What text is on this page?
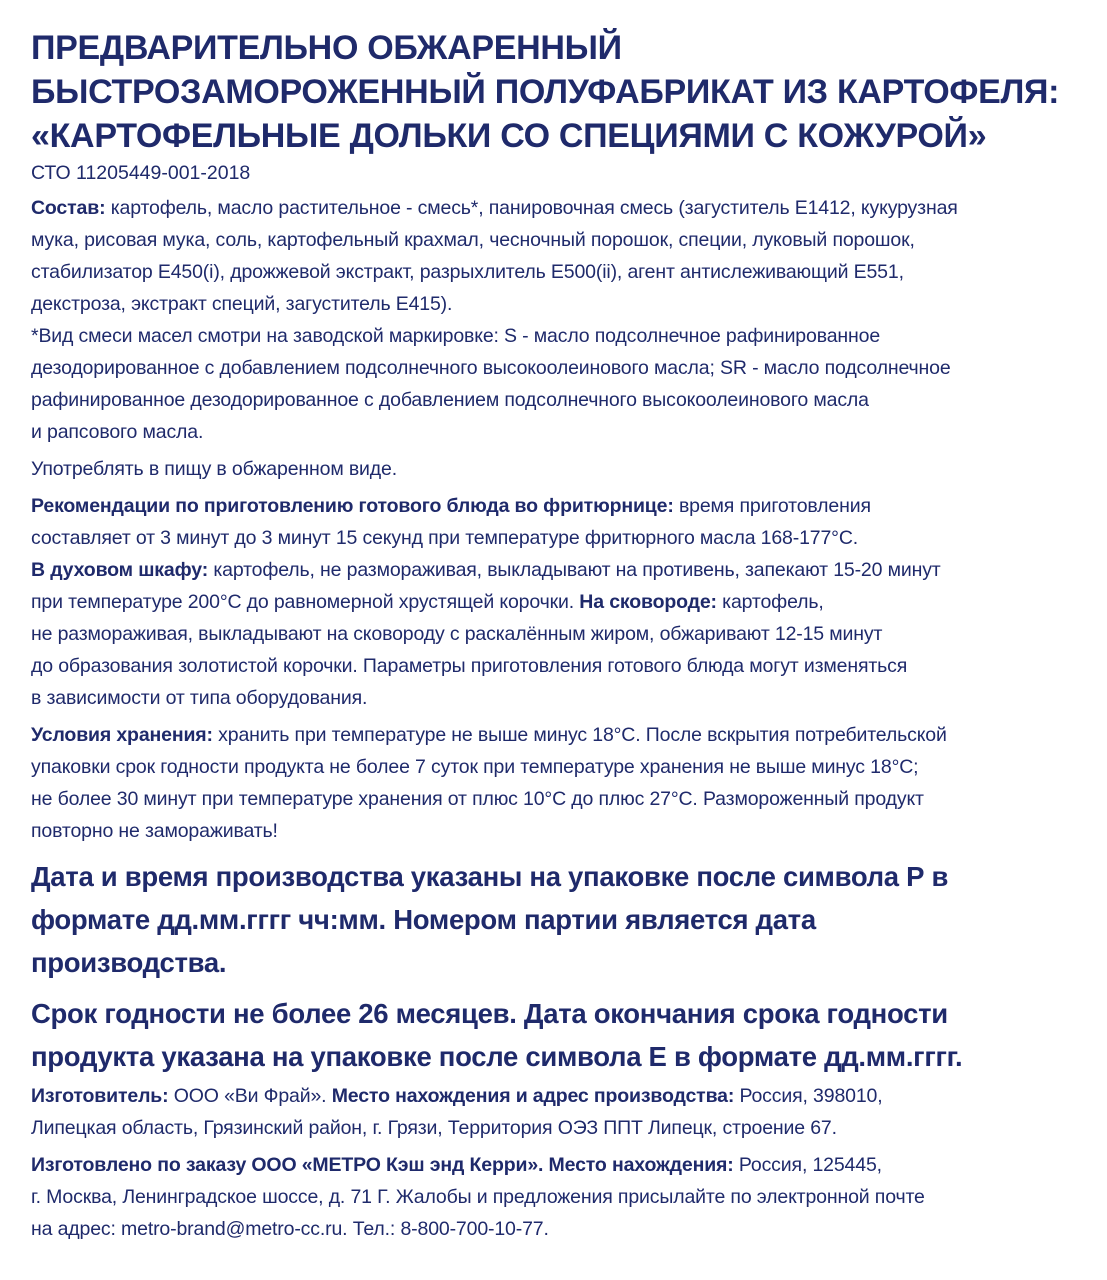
ПРЕДВАРИТЕЛЬНО ОБЖАРЕННЫЙ
БЫСТРОЗАМОРОЖЕННЫЙ ПОЛУФАБРИКАТ ИЗ КАРТОФЕЛЯ:
«КАРТОФЕЛЬНЫЕ ДОЛЬКИ СО СПЕЦИЯМИ С КОЖУРОЙ»
СТО 11205449-001-2018
Состав: картофель, масло растительное - смесь*, панировочная смесь (загуститель Е1412, кукурузная
мука, рисовая мука, соль, картофельный крахмал, чесночный порошок, специи, луковый порошок,
стабилизатор Е450(i), дрожжевой экстракт, разрыхлитель Е500(ii), агент антислеживающий Е551,
декстроза, экстракт специй, загуститель Е415).
*Вид смеси масел смотри на заводской маркировке: S - масло подсолнечное рафинированное
дезодорированное с добавлением подсолнечного высокоолеинового масла; SR - масло подсолнечное
рафинированное дезодорированное с добавлением подсолнечного высокоолеинового масла
и рапсового масла.
Употреблять в пищу в обжаренном виде.
Рекомендации по приготовлению готового блюда во фритюрнице: время приготовления
составляет от 3 минут до 3 минут 15 секунд при температуре фритюрного масла 168-177°С.
В духовом шкафу: картофель, не размораживая, выкладывают на противень, запекают 15-20 минут
при температуре 200°С до равномерной хрустящей корочки. На сковороде: картофель,
не размораживая, выкладывают на сковороду с раскалённым жиром, обжаривают 12-15 минут
до образования золотистой корочки. Параметры приготовления готового блюда могут изменяться
в зависимости от типа оборудования.
Условия хранения: хранить при температуре не выше минус 18°С. После вскрытия потребительской
упаковки срок годности продукта не более 7 суток при температуре хранения не выше минус 18°С;
не более 30 минут при температуре хранения от плюс 10°С до плюс 27°С. Размороженный продукт
повторно не замораживать!
Дата и время производства указаны на упаковке после символа Р в
формате дд.мм.гггг чч:мм. Номером партии является дата
производства.
Срок годности не более 26 месяцев. Дата окончания срока годности
продукта указана на упаковке после символа Е в формате дд.мм.гггг.
Изготовитель: ООО «Ви Фрай». Место нахождения и адрес производства: Россия, 398010,
Липецкая область, Грязинский район, г. Грязи, Территория ОЭЗ ППТ Липецк, строение 67.
Изготовлено по заказу ООО «МЕТРО Кэш энд Керри». Место нахождения: Россия, 125445,
г. Москва, Ленинградское шоссе, д. 71 Г. Жалобы и предложения присылайте по электронной почте
на адрес: metro-brand@metro-cc.ru. Тел.: 8-800-700-10-77.
